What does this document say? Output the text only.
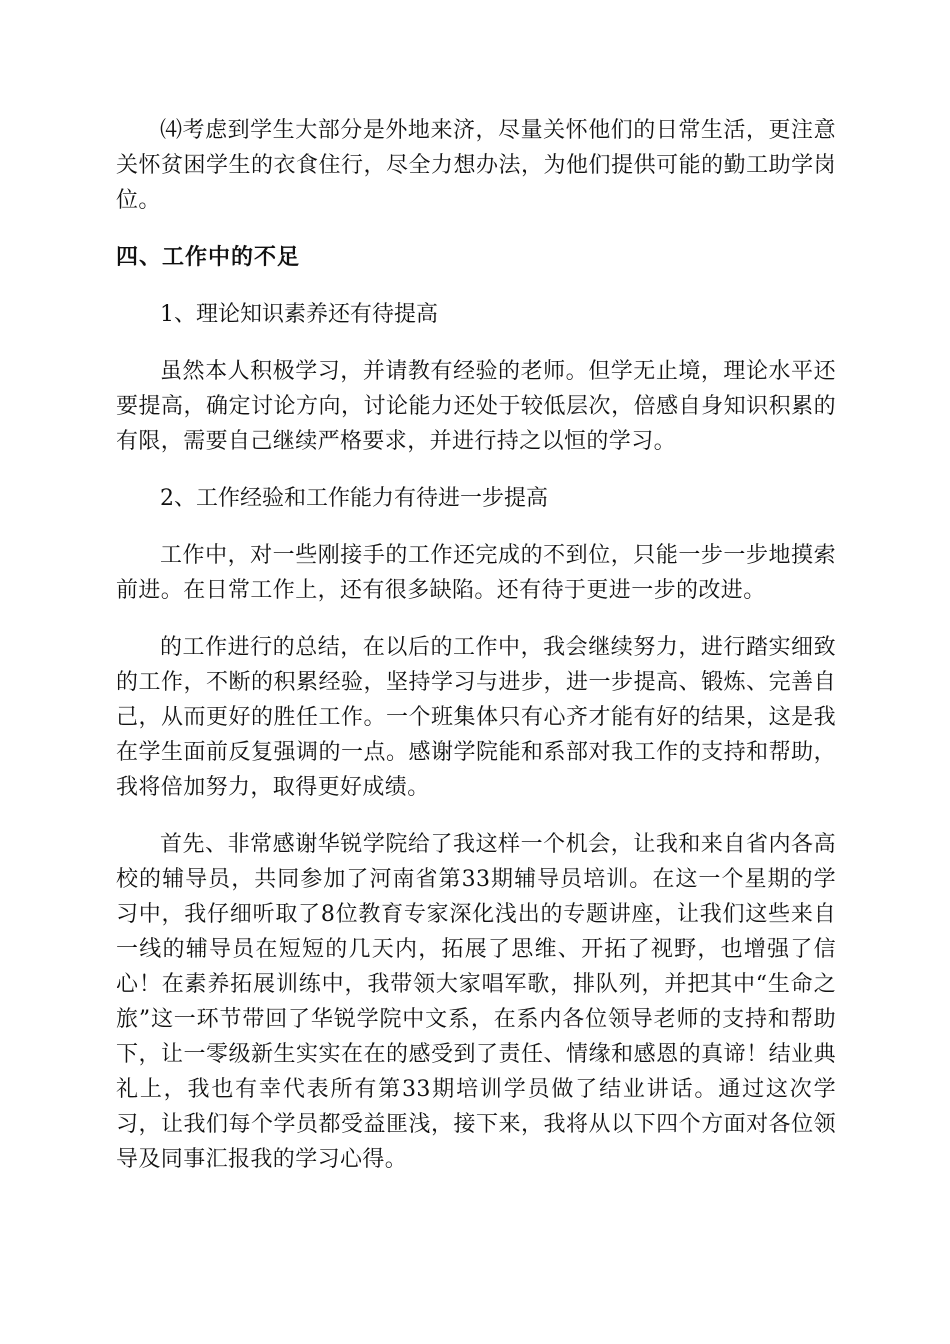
⑷考虑到学生大部分是外地来济，尽量关怀他们的日常生活，更注意关怀贫困学生的衣食住行，尽全力想办法，为他们提供可能的勤工助学岗位。

四、工作中的不足

1、理论知识素养还有待提高

虽然本人积极学习，并请教有经验的老师。但学无止境，理论水平还要提高，确定讨论方向，讨论能力还处于较低层次，倍感自身知识积累的有限，需要自己继续严格要求，并进行持之以恒的学习。

2、工作经验和工作能力有待进一步提高

工作中，对一些刚接手的工作还完成的不到位，只能一步一步地摸索前进。在日常工作上，还有很多缺陷。还有待于更进一步的改进。

的工作进行的总结，在以后的工作中，我会继续努力，进行踏实细致的工作，不断的积累经验，坚持学习与进步，进一步提高、锻炼、完善自己，从而更好的胜任工作。一个班集体只有心齐才能有好的结果，这是我在学生面前反复强调的一点。感谢学院能和系部对我工作的支持和帮助，我将倍加努力，取得更好成绩。

首先、非常感谢华锐学院给了我这样一个机会，让我和来自省内各高校的辅导员，共同参加了河南省第33期辅导员培训。在这一个星期的学习中，我仔细听取了8位教育专家深化浅出的专题讲座，让我们这些来自一线的辅导员在短短的几天内，拓展了思维、开拓了视野，也增强了信心！在素养拓展训练中，我带领大家唱军歌，排队列，并把其中“生命之旅”这一环节带回了华锐学院中文系，在系内各位领导老师的支持和帮助下，让一零级新生实实在在的感受到了责任、情缘和感恩的真谛！结业典礼上，我也有幸代表所有第33期培训学员做了结业讲话。通过这次学习，让我们每个学员都受益匪浅，接下来，我将从以下四个方面对各位领导及同事汇报我的学习心得。
